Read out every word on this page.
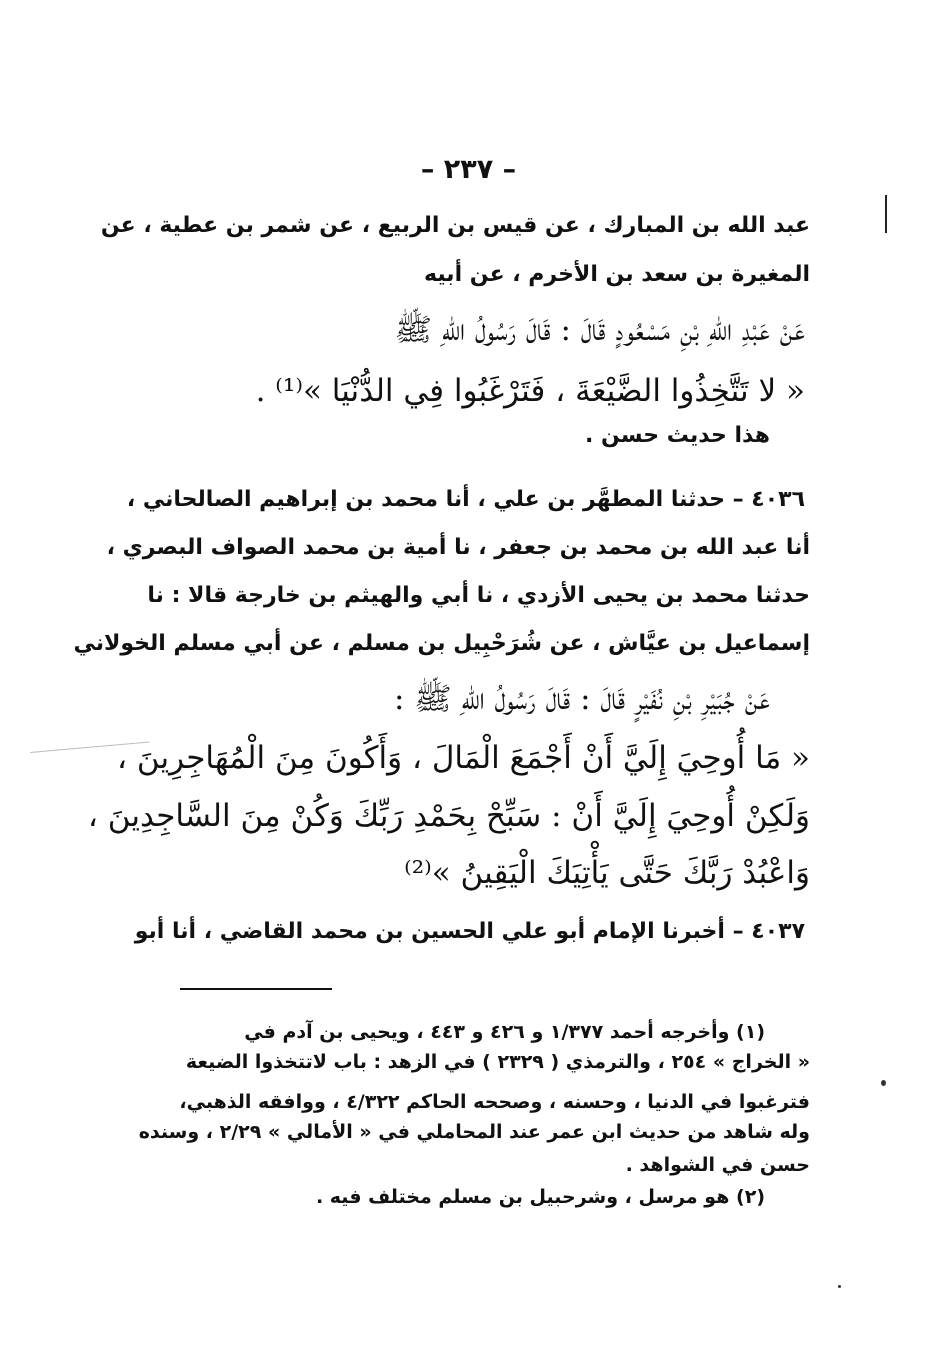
– ٢٣٧ –
عبد الله بن المبارك ، عن قيس بن الربيع ، عن شمر بن عطية ، عن
المغيرة بن سعد بن الأخرم ، عن أبيه
عَنْ عَبْدِ اللهِ بْنِ مَسْعُودٍ قَالَ : قَالَ رَسُولُ اللهِ ﷺ
« لا تَتَّخِذُوا الضَّيْعَةَ ، فَتَرْغَبُوا فِي الدُّنْيَا »⁽¹⁾ .
هذا حديث حسن .
٤٠٣٦ – حدثنا المطهَّر بن علي ، أنا محمد بن إبراهيم الصالحاني ،
أنا عبد الله بن محمد بن جعفر ، نا أمية بن محمد الصواف البصري ،
حدثنا محمد بن يحيى الأزدي ، نا أبي والهيثم بن خارجة قالا : نا
إسماعيل بن عيَّاش ، عن شُرَحْبِيل بن مسلم ، عن أبي مسلم الخولاني
عَنْ جُبَيْرِ بْنِ نُفَيْرٍ قَالَ : قَالَ رَسُولُ اللهِ ﷺ :
« مَا أُوحِيَ إِلَيَّ أَنْ أَجْمَعَ الْمَالَ ، وَأَكُونَ مِنَ الْمُهَاجِرِينَ ،
وَلَكِنْ أُوحِيَ إِلَيَّ أَنْ : سَبِّحْ بِحَمْدِ رَبِّكَ وَكُنْ مِنَ السَّاجِدِينَ ،
وَاعْبُدْ رَبَّكَ حَتَّى يَأْتِيَكَ الْيَقِينُ »⁽²⁾
٤٠٣٧ – أخبرنا الإمام أبو علي الحسين بن محمد القاضي ، أنا أبو
(١) وأخرجه أحمد ١/٣٧٧ و ٤٢٦ و ٤٤٣ ، ويحيى بن آدم في
« الخراج » ٢٥٤ ، والترمذي ( ٢٣٢٩ ) في الزهد : باب لاتتخذوا الضيعة
فترغبوا في الدنيا ، وحسنه ، وصححه الحاكم ٤/٣٢٢ ، ووافقه الذهبي،
وله شاهد من حديث ابن عمر عند المحاملي في « الأمالي » ٢/٢٩ ، وسنده
حسن في الشواهد .
(٢) هو مرسل ، وشرحبيل بن مسلم مختلف فيه .
